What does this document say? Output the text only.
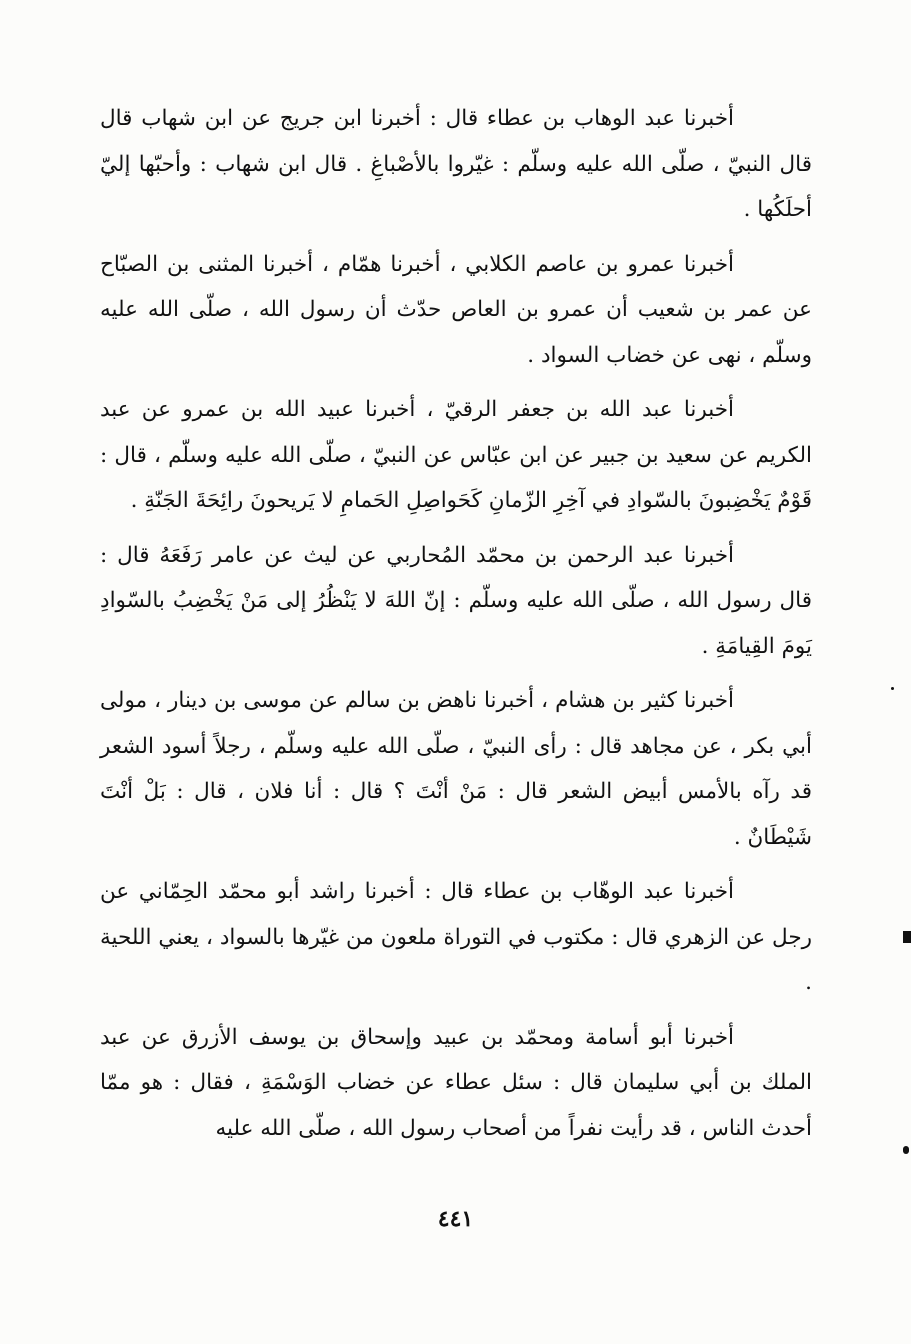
أخبرنا عبد الوهاب بن عطاء قال : أخبرنا ابن جريج عن ابن شهاب قال قال النبيّ ، صلّى الله عليه وسلّم : غيّروا بالأصْباغِ . قال ابن شهاب : وأحبّها إليّ أحلَكُها .

أخبرنا عمرو بن عاصم الكلابي ، أخبرنا همّام ، أخبرنا المثنى بن الصبّاح عن عمر بن شعيب أن عمرو بن العاص حدّث أن رسول الله ، صلّى الله عليه وسلّم ، نهى عن خضاب السواد .

أخبرنا عبد الله بن جعفر الرقيّ ، أخبرنا عبيد الله بن عمرو عن عبد الكريم عن سعيد بن جبير عن ابن عبّاس عن النبيّ ، صلّى الله عليه وسلّم ، قال : قَوْمٌ يَخْضِبونَ بالسّوادِ في آخِرِ الزّمانِ كَحَواصِلِ الحَمامِ لا يَريحونَ رائِحَةَ الجَنّةِ .

أخبرنا عبد الرحمن بن محمّد المُحاربي عن ليث عن عامر رَفَعَهُ قال : قال رسول الله ، صلّى الله عليه وسلّم : إنّ اللهَ لا يَنْظُرُ إلى مَنْ يَخْضِبُ بالسّوادِ يَومَ القِيامَةِ .

أخبرنا كثير بن هشام ، أخبرنا ناهض بن سالم عن موسى بن دينار ، مولى أبي بكر ، عن مجاهد قال : رأى النبيّ ، صلّى الله عليه وسلّم ، رجلاً أسود الشعر قد رآه بالأمس أبيض الشعر قال : مَنْ أنْتَ ؟ قال : أنا فلان ، قال : بَلْ أنْتَ شَيْطَانٌ .

أخبرنا عبد الوهّاب بن عطاء قال : أخبرنا راشد أبو محمّد الحِمّاني عن رجل عن الزهري قال : مكتوب في التوراة ملعون من غيّرها بالسواد ، يعني اللحية .

أخبرنا أبو أسامة ومحمّد بن عبيد وإسحاق بن يوسف الأزرق عن عبد الملك بن أبي سليمان قال : سئل عطاء عن خضاب الوَسْمَةِ ، فقال : هو ممّا أحدث الناس ، قد رأيت نفراً من أصحاب رسول الله ، صلّى الله عليه

٤٤١
